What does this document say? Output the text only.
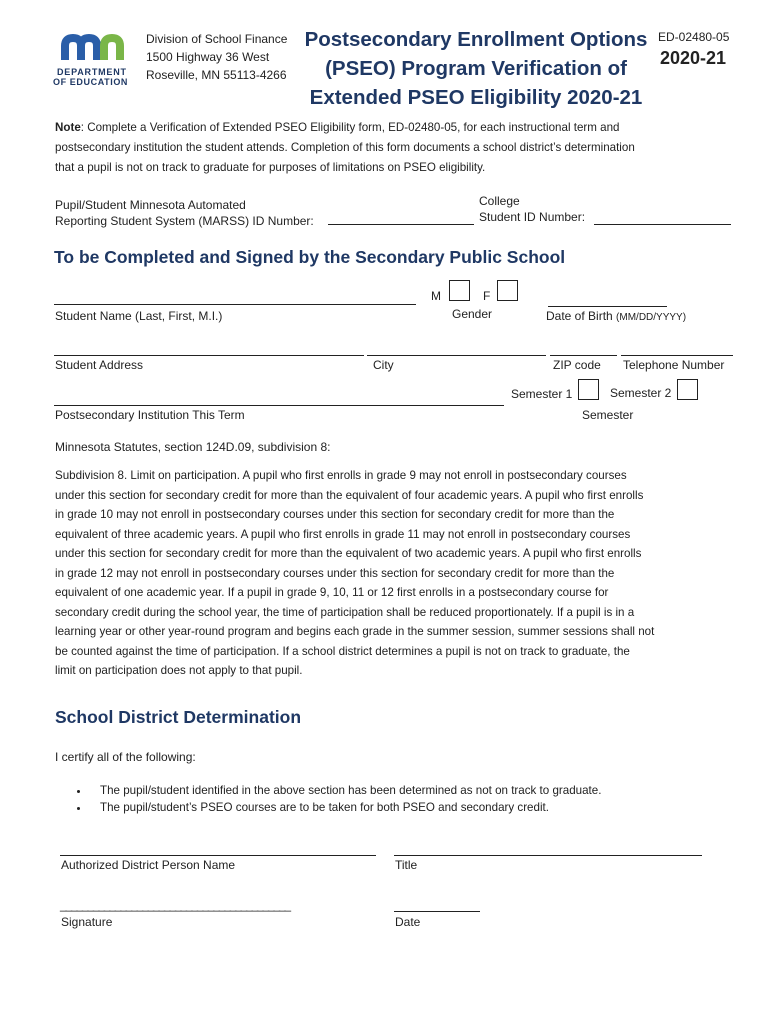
DEPARTMENT
OF EDUCATION
Division of School Finance
1500 Highway 36 West
Roseville, MN 55113-4266
Postsecondary Enrollment Options
(PSEO) Program Verification of
Extended PSEO Eligibility 2020-21
ED-02480-05
2020-21
Note: Complete a Verification of Extended PSEO Eligibility form, ED-02480-05, for each instructional term and
postsecondary institution the student attends. Completion of this form documents a school district’s determination
that a pupil is not on track to graduate for purposes of limitations on PSEO eligibility.
Pupil/Student Minnesota Automated
Reporting Student System (MARSS) ID Number:
College
Student ID Number:
To be Completed and Signed by the Secondary Public School
Student Name (Last, First, M.I.)
M	F
Gender	Date of Birth (MM/DD/YYYY)
Student Address	City	ZIP code Telephone Number
Semester 1	Semester 2
Semester
Postsecondary Institution This Term
Minnesota Statutes, section 124D.09, subdivision 8:
Subdivision 8. Limit on participation. A pupil who first enrolls in grade 9 may not enroll in postsecondary courses
under this section for secondary credit for more than the equivalent of four academic years. A pupil who first enrolls
in grade 10 may not enroll in postsecondary courses under this section for secondary credit for more than the
equivalent of three academic years. A pupil who first enrolls in grade 11 may not enroll in postsecondary courses
under this section for secondary credit for more than the equivalent of two academic years. A pupil who first enrolls
in grade 12 may not enroll in postsecondary courses under this section for secondary credit for more than the
equivalent of one academic year. If a pupil in grade 9, 10, 11 or 12 first enrolls in a postsecondary course for
secondary credit during the school year, the time of participation shall be reduced proportionately. If a pupil is in a
learning year or other year-round program and begins each grade in the summer session, summer sessions shall not
be counted against the time of participation. If a school district determines a pupil is not on track to graduate, the
limit on participation does not apply to that pupil.
School District Determination
I certify all of the following:
• The pupil/student identified in the above section has been determined as not on track to graduate.
• The pupil/student’s PSEO courses are to be taken for both PSEO and secondary credit.
Authorized District Person Name	Title
__________________________________________
Signature	Date
